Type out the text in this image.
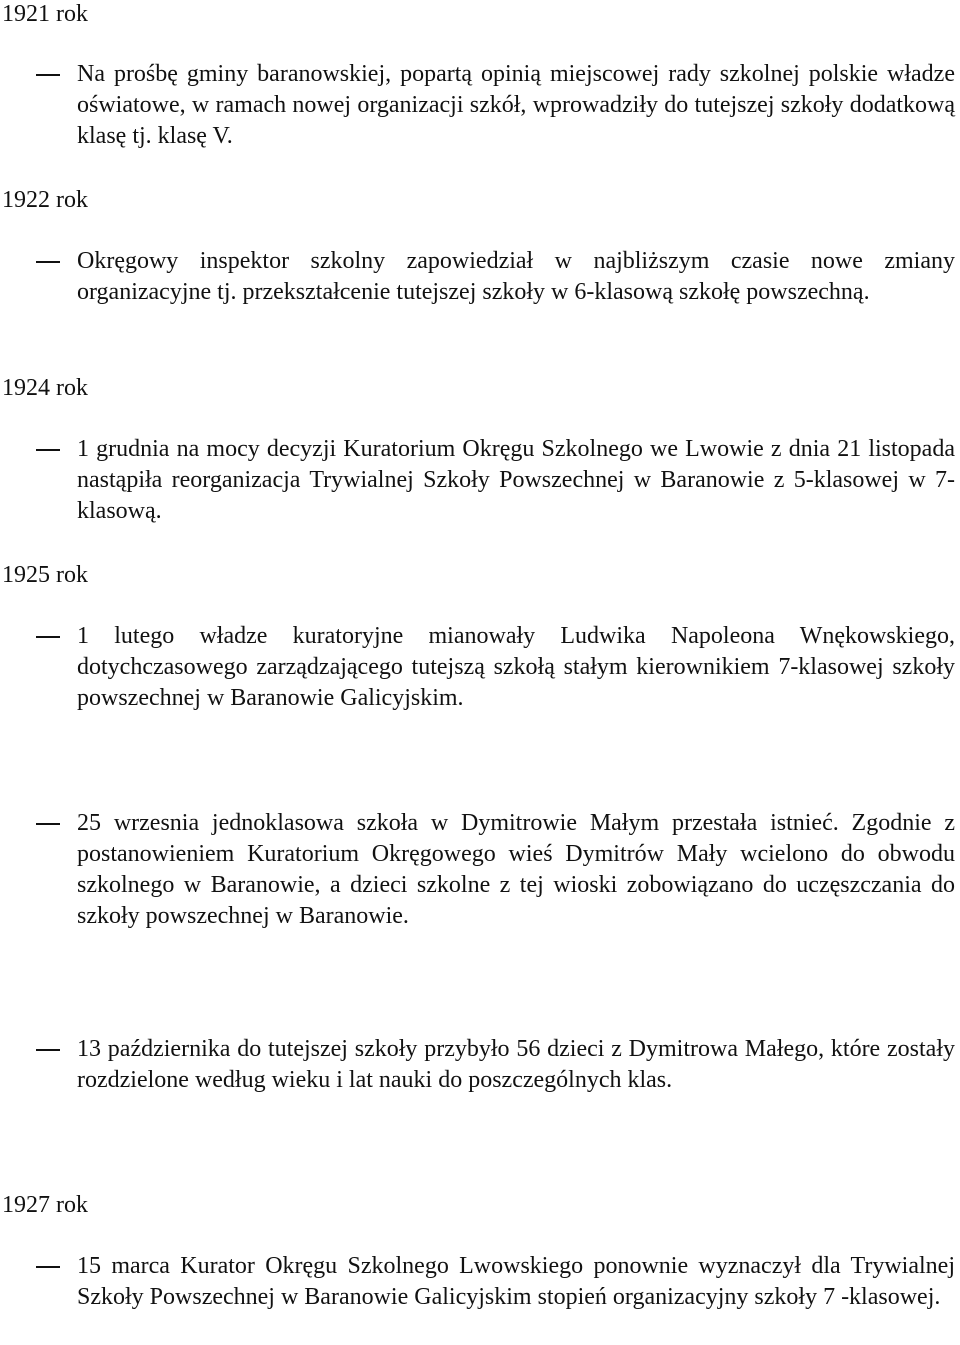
1921 rok

Na prośbę gminy baranowskiej, popartą opinią miejscowej rady szkolnej polskie władze oświatowe, w ramach nowej organizacji szkół, wprowadziły do tutejszej szkoły dodatkową klasę tj. klasę V.

1922 rok

Okręgowy inspektor szkolny zapowiedział w najbliższym czasie nowe zmiany organizacyjne tj. przekształcenie tutejszej szkoły w 6-klasową szkołę powszechną.

1924 rok

1 grudnia na mocy decyzji Kuratorium Okręgu Szkolnego we Lwowie z dnia 21 listopada nastąpiła reorganizacja Trywialnej Szkoły Powszechnej w Baranowie z 5-klasowej w 7-klasową.

1925 rok

1 lutego władze kuratoryjne mianowały Ludwika Napoleona Wnękowskiego, dotychczasowego zarządzającego tutejszą szkołą stałym kierownikiem 7-klasowej szkoły powszechnej w Baranowie Galicyjskim.

25 wrzesnia jednoklasowa szkoła w Dymitrowie Małym przestała istnieć. Zgodnie z postanowieniem Kuratorium Okręgowego wieś Dymitrów Mały wcielono do obwodu szkolnego w Baranowie, a dzieci szkolne z tej wioski zobowiązano do uczęszczania do szkoły powszechnej w Baranowie.

13 października do tutejszej szkoły przybyło 56 dzieci z Dymitrowa Małego, które zostały rozdzielone według wieku i lat nauki do poszczególnych klas.

1927 rok

15 marca Kurator Okręgu Szkolnego Lwowskiego ponownie wyznaczył dla Trywialnej Szkoły Powszechnej w Baranowie Galicyjskim stopień organizacyjny szkoły 7 -klasowej.
